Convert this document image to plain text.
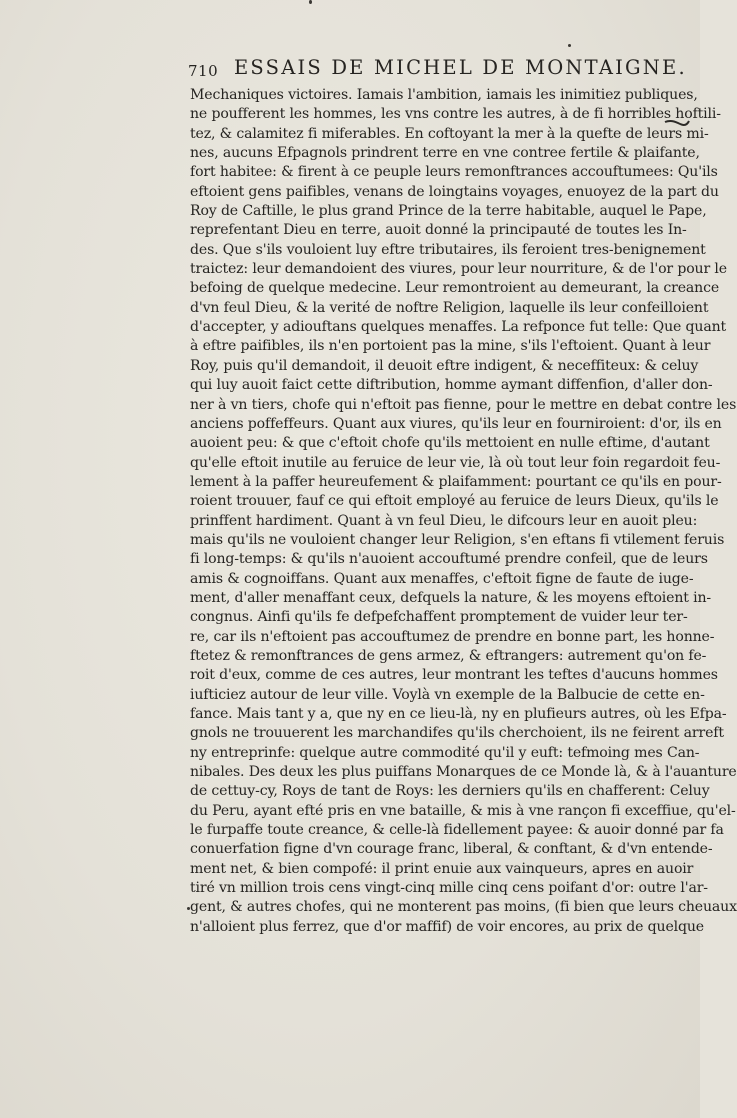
710 ESSAIS DE MICHEL DE MONTAIGNE.
Mechaniques victoires. Iamais l'ambition, iamais les inimitiez publiques,
ne poufferent les hommes, les vns contre les autres, à de fi horribles hoftili-
tez, & calamitez fi miferables. En coftoyant la mer à la quefte de leurs mi-
nes, aucuns Efpagnols prindrent terre en vne contree fertile & plaifante,
fort habitee: & firent à ce peuple leurs remonftrances accouftumees: Qu'ils
eftoient gens paifibles, venans de loingtains voyages, enuoyez de la part du
Roy de Caftille, le plus grand Prince de la terre habitable, auquel le Pape,
reprefentant Dieu en terre, auoit donné la principauté de toutes les In-
des. Que s'ils vouloient luy eftre tributaires, ils feroient tres-benignement
traictez: leur demandoient des viures, pour leur nourriture, & de l'or pour le
befoing de quelque medecine. Leur remontroient au demeurant, la creance
d'vn feul Dieu, & la verité de noftre Religion, laquelle ils leur confeilloient
d'accepter, y adiouftans quelques menaffes. La refponce fut telle: Que quant
à eftre paifibles, ils n'en portoient pas la mine, s'ils l'eftoient. Quant à leur
Roy, puis qu'il demandoit, il deuoit eftre indigent, & neceffiteux: & celuy
qui luy auoit faict cette diftribution, homme aymant diffenfion, d'aller don-
ner à vn tiers, chofe qui n'eftoit pas fienne, pour le mettre en debat contre les
anciens poffeffeurs. Quant aux viures, qu'ils leur en fourniroient: d'or, ils en
auoient peu: & que c'eftoit chofe qu'ils mettoient en nulle eftime, d'autant
qu'elle eftoit inutile au feruice de leur vie, là où tout leur foin regardoit feu-
lement à la paffer heureufement & plaifamment: pourtant ce qu'ils en pour-
roient trouuer, fauf ce qui eftoit employé au feruice de leurs Dieux, qu'ils le
prinffent hardiment. Quant à vn feul Dieu, le difcours leur en auoit pleu:
mais qu'ils ne vouloient changer leur Religion, s'en eftans fi vtilement feruis
fi long-temps: & qu'ils n'auoient accouftumé prendre confeil, que de leurs
amis & cognoiffans. Quant aux menaffes, c'eftoit figne de faute de iuge-
ment, d'aller menaffant ceux, defquels la nature, & les moyens eftoient in-
congnus. Ainfi qu'ils fe defpefchaffent promptement de vuider leur ter-
re, car ils n'eftoient pas accouftumez de prendre en bonne part, les honne-
ftetez & remonftrances de gens armez, & eftrangers: autrement qu'on fe-
roit d'eux, comme de ces autres, leur montrant les teftes d'aucuns hommes
iufticiez autour de leur ville. Voylà vn exemple de la Balbucie de cette en-
fance. Mais tant y a, que ny en ce lieu-là, ny en plufieurs autres, où les Efpa-
gnols ne trouuerent les marchandifes qu'ils cherchoient, ils ne feirent arreft
ny entreprinfe: quelque autre commodité qu'il y euft: tefmoing mes Can-
nibales. Des deux les plus puiffans Monarques de ce Monde là, & à l'auanture
de cettuy-cy, Roys de tant de Roys: les derniers qu'ils en chafferent: Celuy
du Peru, ayant efté pris en vne bataille, & mis à vne rançon fi exceffiue, qu'el-
le furpaffe toute creance, & celle-là fidellement payee: & auoir donné par fa
conuerfation figne d'vn courage franc, liberal, & conftant, & d'vn entende-
ment net, & bien compofé: il print enuie aux vainqueurs, apres en auoir
tiré vn million trois cens vingt-cinq mille cinq cens poifant d'or: outre l'ar-
gent, & autres chofes, qui ne monterent pas moins, (fi bien que leurs cheuaux
n'alloient plus ferrez, que d'or maffif) de voir encores, au prix de quelque
